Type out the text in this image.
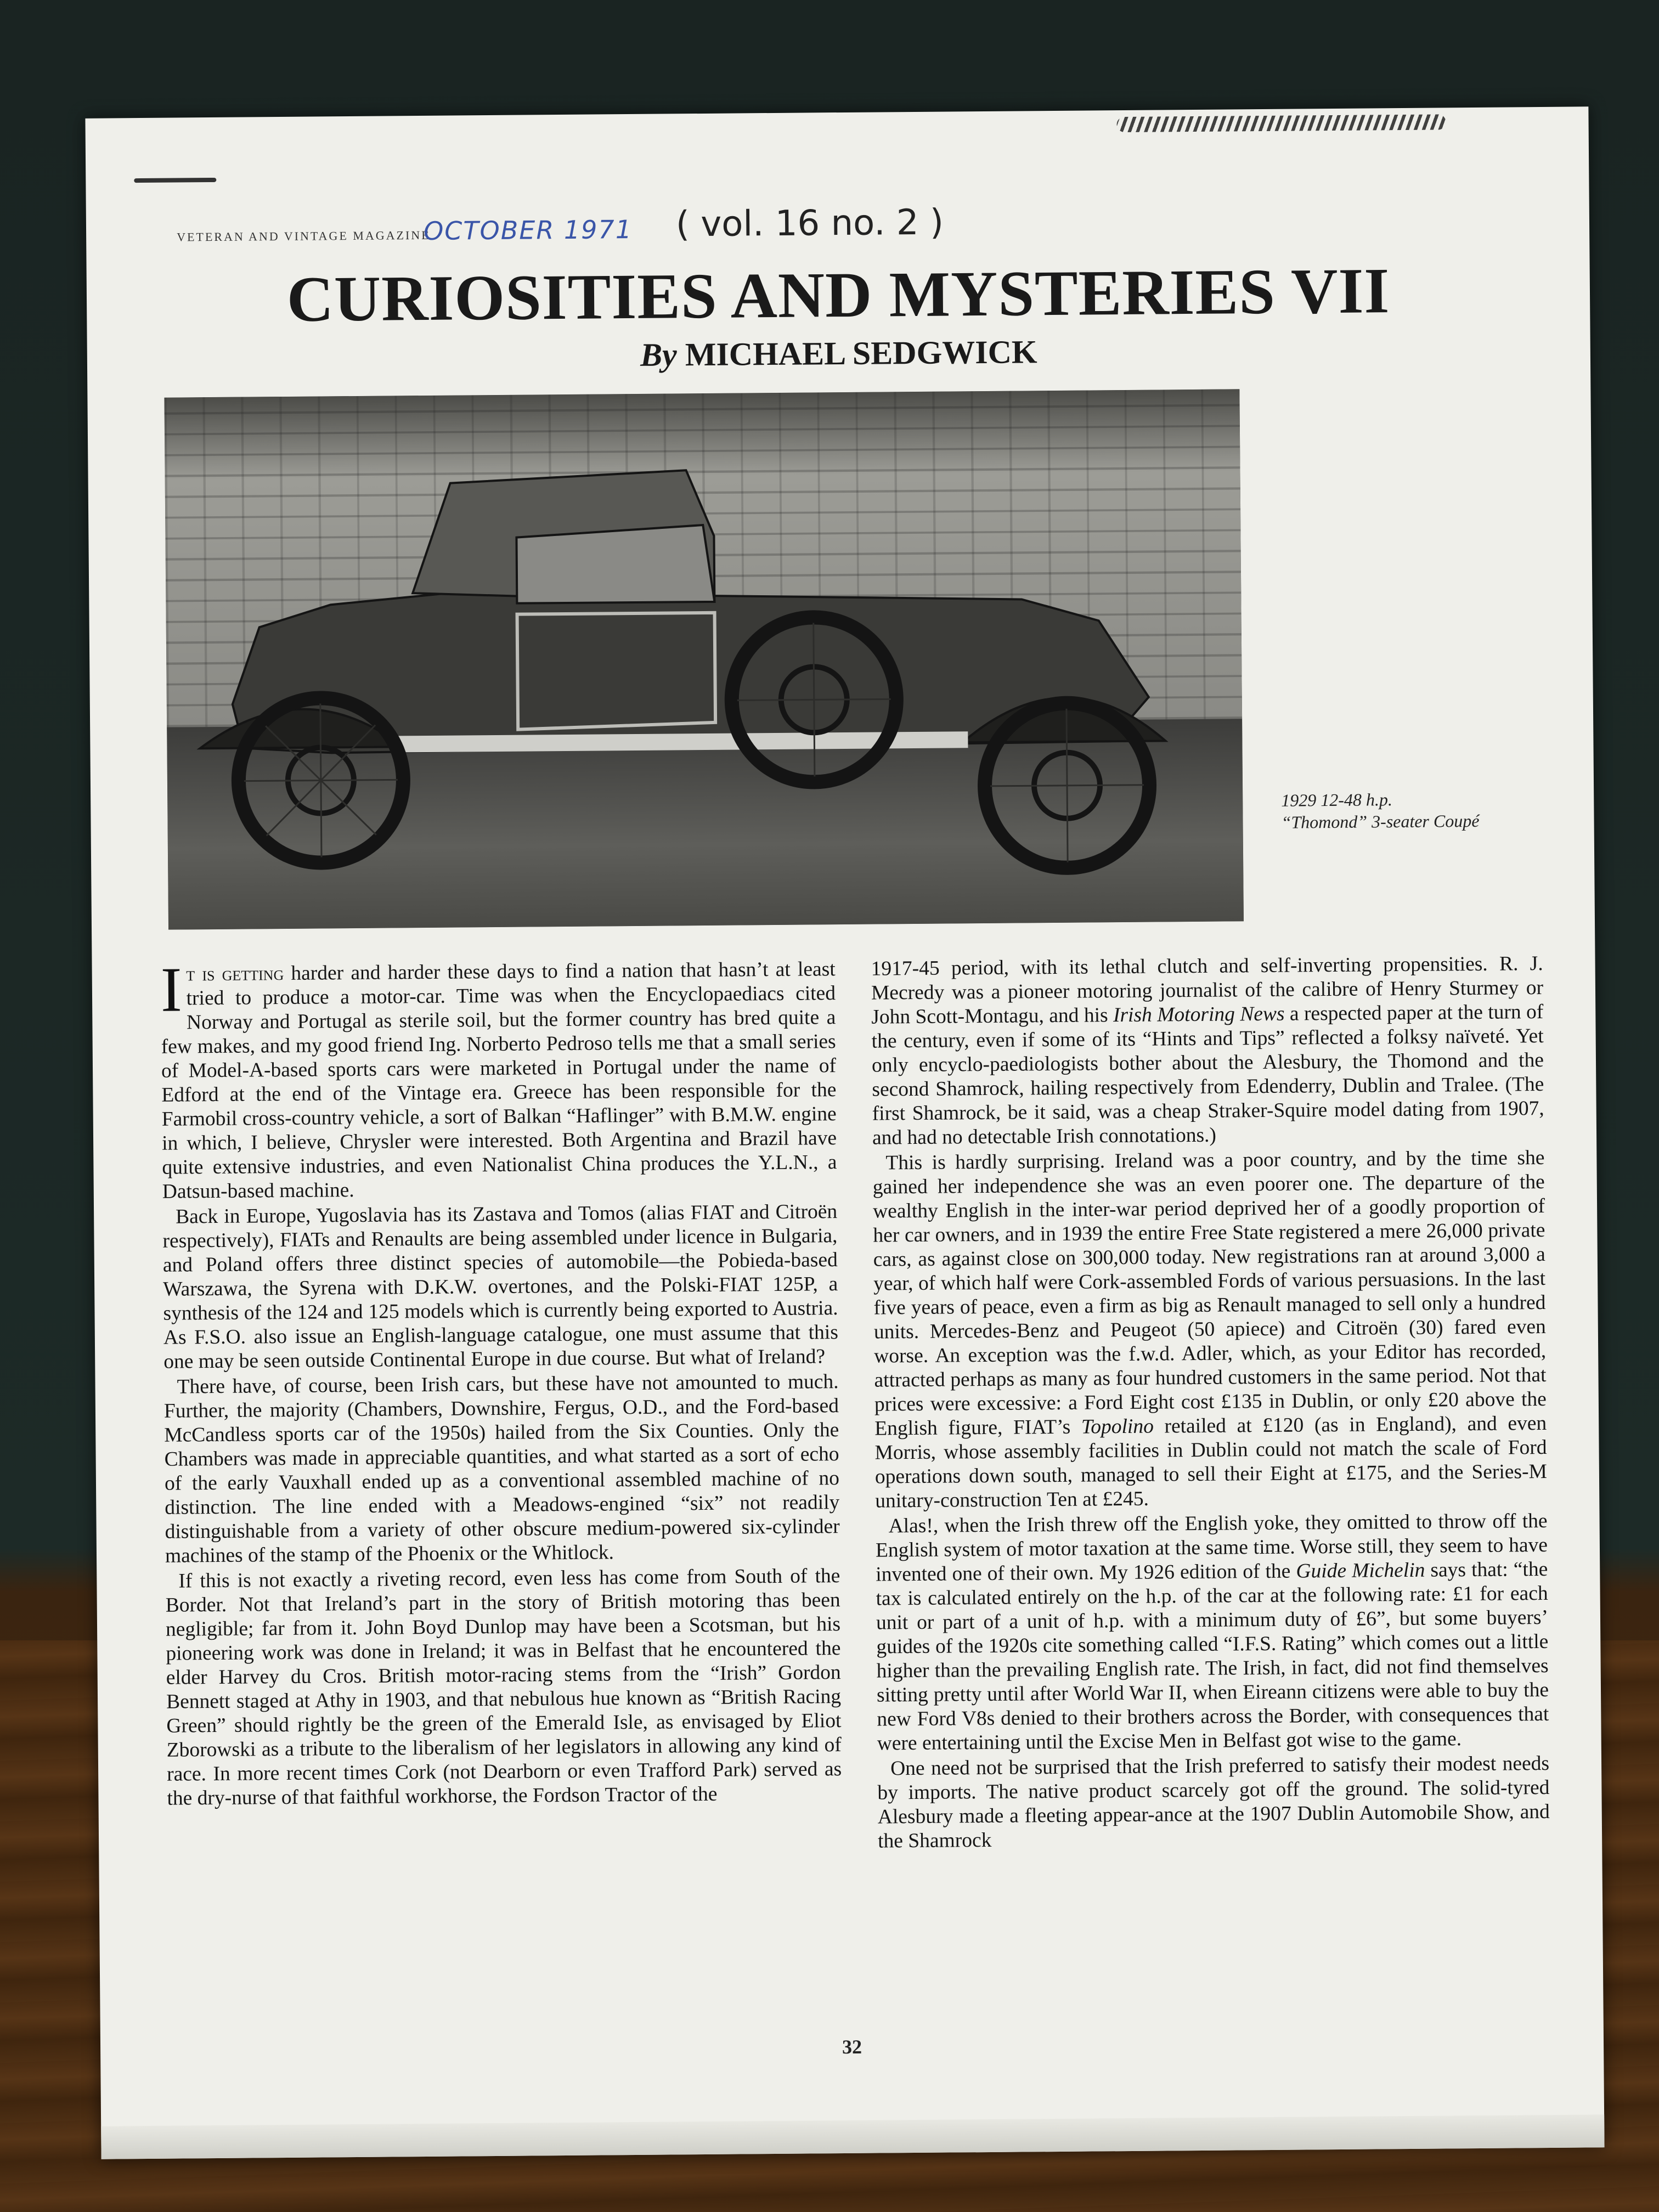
VETERAN AND VINTAGE MAGAZINE
OCTOBER 1971 ( vol. 16 no. 2 )
CURIOSITIES AND MYSTERIES VII
By MICHAEL SEDGWICK
1929 12-48 h.p.
“Thomond” 3-seater Coupé

It is getting harder and harder these days to find a nation that hasn’t at least tried to produce a motor-car. Time was when the Encyclopaediacs cited Norway and Portugal as sterile soil, but the former country has bred quite a few makes, and my good friend Ing. Norberto Pedroso tells me that a small series of Model-A-based sports cars were marketed in Portugal under the name of Edford at the end of the Vintage era. Greece has been responsible for the Farmobil cross-country vehicle, a sort of Balkan “Haflinger” with B.M.W. engine in which, I believe, Chrysler were interested. Both Argentina and Brazil have quite extensive industries, and even Nationalist China produces the Y.L.N., a Datsun-based machine.

Back in Europe, Yugoslavia has its Zastava and Tomos (alias FIAT and Citroën respectively), FIATs and Renaults are being assembled under licence in Bulgaria, and Poland offers three distinct species of automobile—the Pobieda-based Warszawa, the Syrena with D.K.W. overtones, and the Polski-FIAT 125P, a synthesis of the 124 and 125 models which is currently being exported to Austria. As F.S.O. also issue an English-language catalogue, one must assume that this one may be seen outside Continental Europe in due course. But what of Ireland?

There have, of course, been Irish cars, but these have not amounted to much. Further, the majority (Chambers, Downshire, Fergus, O.D., and the Ford-based McCandless sports car of the 1950s) hailed from the Six Counties. Only the Chambers was made in appreciable quantities, and what started as a sort of echo of the early Vauxhall ended up as a conventional assembled machine of no distinction. The line ended with a Meadows-engined “six” not readily distinguishable from a variety of other obscure medium-powered six-cylinder machines of the stamp of the Phoenix or the Whitlock.

If this is not exactly a riveting record, even less has come from South of the Border. Not that Ireland’s part in the story of British motoring thas been negligible; far from it. John Boyd Dunlop may have been a Scotsman, but his pioneering work was done in Ireland; it was in Belfast that he encountered the elder Harvey du Cros. British motor-racing stems from the “Irish” Gordon Bennett staged at Athy in 1903, and that nebulous hue known as “British Racing Green” should rightly be the green of the Emerald Isle, as envisaged by Eliot Zborowski as a tribute to the liberalism of her legislators in allowing any kind of race. In more recent times Cork (not Dearborn or even Trafford Park) served as the dry-nurse of that faithful workhorse, the Fordson Tractor of the

1917-45 period, with its lethal clutch and self-inverting propensities. R. J. Mecredy was a pioneer motoring journalist of the calibre of Henry Sturmey or John Scott-Montagu, and his Irish Motoring News a respected paper at the turn of the century, even if some of its “Hints and Tips” reflected a folksy naïveté. Yet only encyclo-paediologists bother about the Alesbury, the Thomond and the second Shamrock, hailing respectively from Edenderry, Dublin and Tralee. (The first Shamrock, be it said, was a cheap Straker-Squire model dating from 1907, and had no detectable Irish connotations.)

This is hardly surprising. Ireland was a poor country, and by the time she gained her independence she was an even poorer one. The departure of the wealthy English in the inter-war period deprived her of a goodly proportion of her car owners, and in 1939 the entire Free State registered a mere 26,000 private cars, as against close on 300,000 today. New registrations ran at around 3,000 a year, of which half were Cork-assembled Fords of various persuasions. In the last five years of peace, even a firm as big as Renault managed to sell only a hundred units. Mercedes-Benz and Peugeot (50 apiece) and Citroën (30) fared even worse. An exception was the f.w.d. Adler, which, as your Editor has recorded, attracted perhaps as many as four hundred customers in the same period. Not that prices were excessive: a Ford Eight cost £135 in Dublin, or only £20 above the English figure, FIAT’s Topolino retailed at £120 (as in England), and even Morris, whose assembly facilities in Dublin could not match the scale of Ford operations down south, managed to sell their Eight at £175, and the Series-M unitary-construction Ten at £245.

Alas!, when the Irish threw off the English yoke, they omitted to throw off the English system of motor taxation at the same time. Worse still, they seem to have invented one of their own. My 1926 edition of the Guide Michelin says that: “the tax is calculated entirely on the h.p. of the car at the following rate: £1 for each unit or part of a unit of h.p. with a minimum duty of £6”, but some buyers’ guides of the 1920s cite something called “I.F.S. Rating” which comes out a little higher than the prevailing English rate. The Irish, in fact, did not find themselves sitting pretty until after World War II, when Eireann citizens were able to buy the new Ford V8s denied to their brothers across the Border, with consequences that were entertaining until the Excise Men in Belfast got wise to the game.

One need not be surprised that the Irish preferred to satisfy their modest needs by imports. The native product scarcely got off the ground. The solid-tyred Alesbury made a fleeting appear-ance at the 1907 Dublin Automobile Show, and the Shamrock

32
